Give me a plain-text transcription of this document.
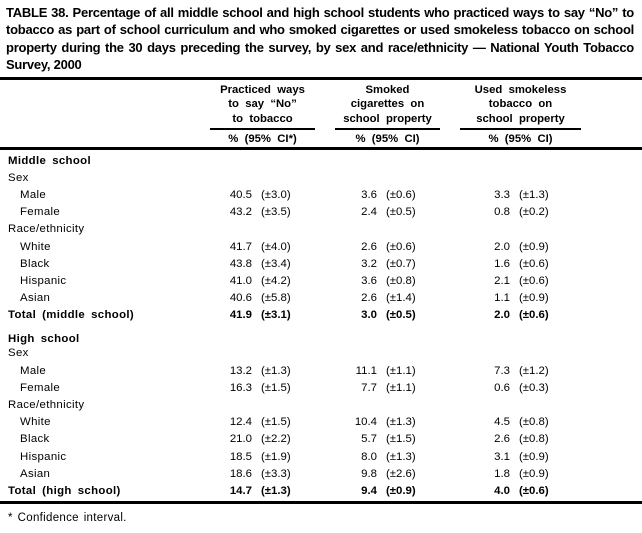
TABLE 38. Percentage of all middle school and high school students who practiced ways to say “No” to tobacco as part of school curriculum and who smoked cigarettes or used smokeless tobacco on school property during the 30 days preceding the survey, by sex and race/ethnicity — National Youth Tobacco Survey, 2000

Practiced ways
to say “No”
to tobacco
% (95% CI*)

Smoked
cigarettes on
school property
% (95% CI)

Used smokeless
tobacco on
school property
% (95% CI)
Middle school			
Sex			
Male	40.5 (±3.0)	3.6 (±0.6)	3.3 (±1.3)

Female	43.2 (±3.5)	2.4 (±0.5)	0.8 (±0.2)

Race/ethnicity			
White	41.7 (±4.0)	2.6 (±0.6)	2.0 (±0.9)

Black	43.8 (±3.4)	3.2 (±0.7)	1.6 (±0.6)

Hispanic	41.0 (±4.2)	3.6 (±0.8)	2.1 (±0.6)

Asian	40.6 (±5.8)	2.6 (±1.4)	1.1 (±0.9)

Total (middle school)	41.9 (±3.1)	3.0 (±0.5)	2.0 (±0.6)

High school			
Sex			
Male	13.2 (±1.3)	11.1 (±1.1)	7.3 (±1.2)

Female	16.3 (±1.5)	7.7 (±1.1)	0.6 (±0.3)

Race/ethnicity			
White	12.4 (±1.5)	10.4 (±1.3)	4.5 (±0.8)

Black	21.0 (±2.2)	5.7 (±1.5)	2.6 (±0.8)

Hispanic	18.5 (±1.9)	8.0 (±1.3)	3.1 (±0.9)

Asian	18.6 (±3.3)	9.8 (±2.6)	1.8 (±0.9)

Total (high school)	14.7 (±1.3)	9.4 (±0.9)	4.0 (±0.6)
* Confidence interval.
